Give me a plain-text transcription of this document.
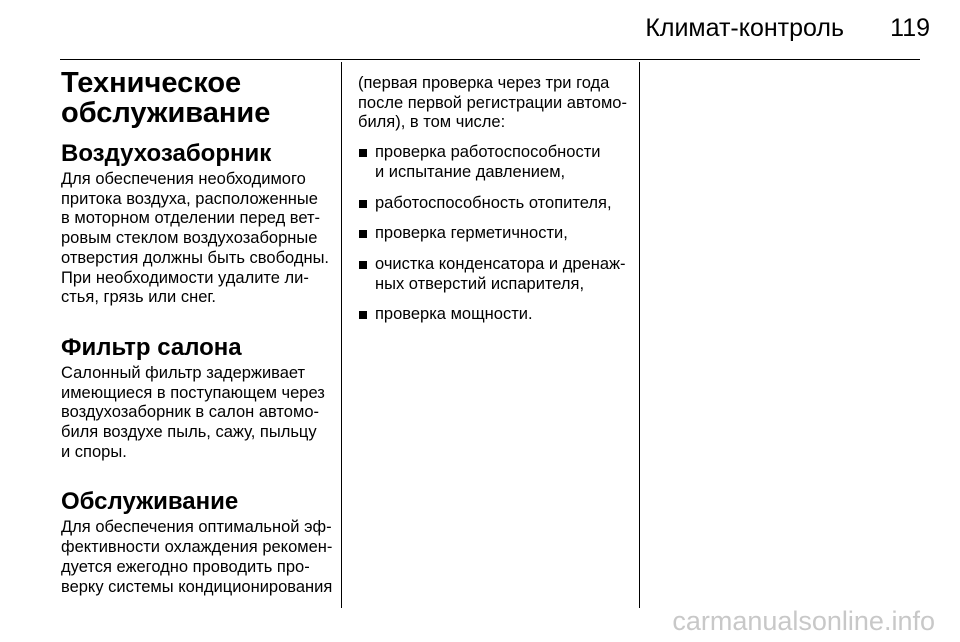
Климат-контроль	119
Техническое
обслуживание
Воздухозаборник
Для обеспечения необходимого
притока воздуха, расположенные
в моторном отделении перед вет-
ровым стеклом воздухозаборные
отверстия должны быть свободны.
При необходимости удалите ли-
стья, грязь или снег.
Фильтр салона
Салонный фильтр задерживает
имеющиеся в поступающем через
воздухозаборник в салон автомо-
биля воздухе пыль, сажу, пыльцу
и споры.
Обслуживание
Для обеспечения оптимальной эф-
фективности охлаждения рекомен-
дуется ежегодно проводить про-
верку системы кондиционирования
(первая проверка через три года
после первой регистрации автомо-
биля), в том числе:
проверка работоспособности
и испытание давлением,
работоспособность отопителя,
проверка герметичности,
очистка конденсатора и дренаж-
ных отверстий испарителя,
проверка мощности.
carmanualsonline.info
